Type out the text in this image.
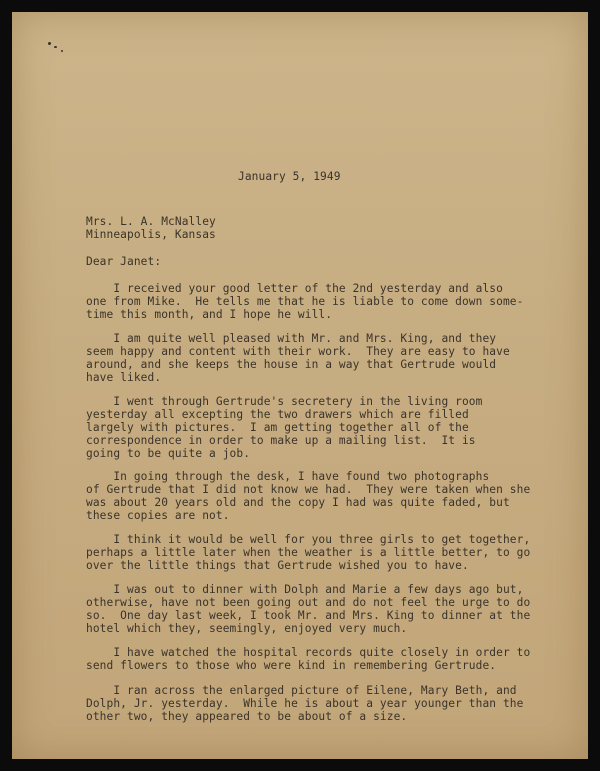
January 5, 1949
Mrs. L. A. McNalley
Minneapolis, Kansas
Dear Janet:
I received your good letter of the 2nd yesterday and also
one from Mike.  He tells me that he is liable to come down some-
time this month, and I hope he will.
I am quite well pleased with Mr. and Mrs. King, and they
seem happy and content with their work.  They are easy to have
around, and she keeps the house in a way that Gertrude would
have liked.
I went through Gertrude's secretery in the living room
yesterday all excepting the two drawers which are filled
largely with pictures.  I am getting together all of the
correspondence in order to make up a mailing list.  It is
going to be quite a job.
In going through the desk, I have found two photographs
of Gertrude that I did not know we had.  They were taken when she
was about 20 years old and the copy I had was quite faded, but
these copies are not.
I think it would be well for you three girls to get together,
perhaps a little later when the weather is a little better, to go
over the little things that Gertrude wished you to have.
I was out to dinner with Dolph and Marie a few days ago but,
otherwise, have not been going out and do not feel the urge to do
so.  One day last week, I took Mr. and Mrs. King to dinner at the
hotel which they, seemingly, enjoyed very much.
I have watched the hospital records quite closely in order to
send flowers to those who were kind in remembering Gertrude.
I ran across the enlarged picture of Eilene, Mary Beth, and
Dolph, Jr. yesterday.  While he is about a year younger than the
other two, they appeared to be about of a size.
